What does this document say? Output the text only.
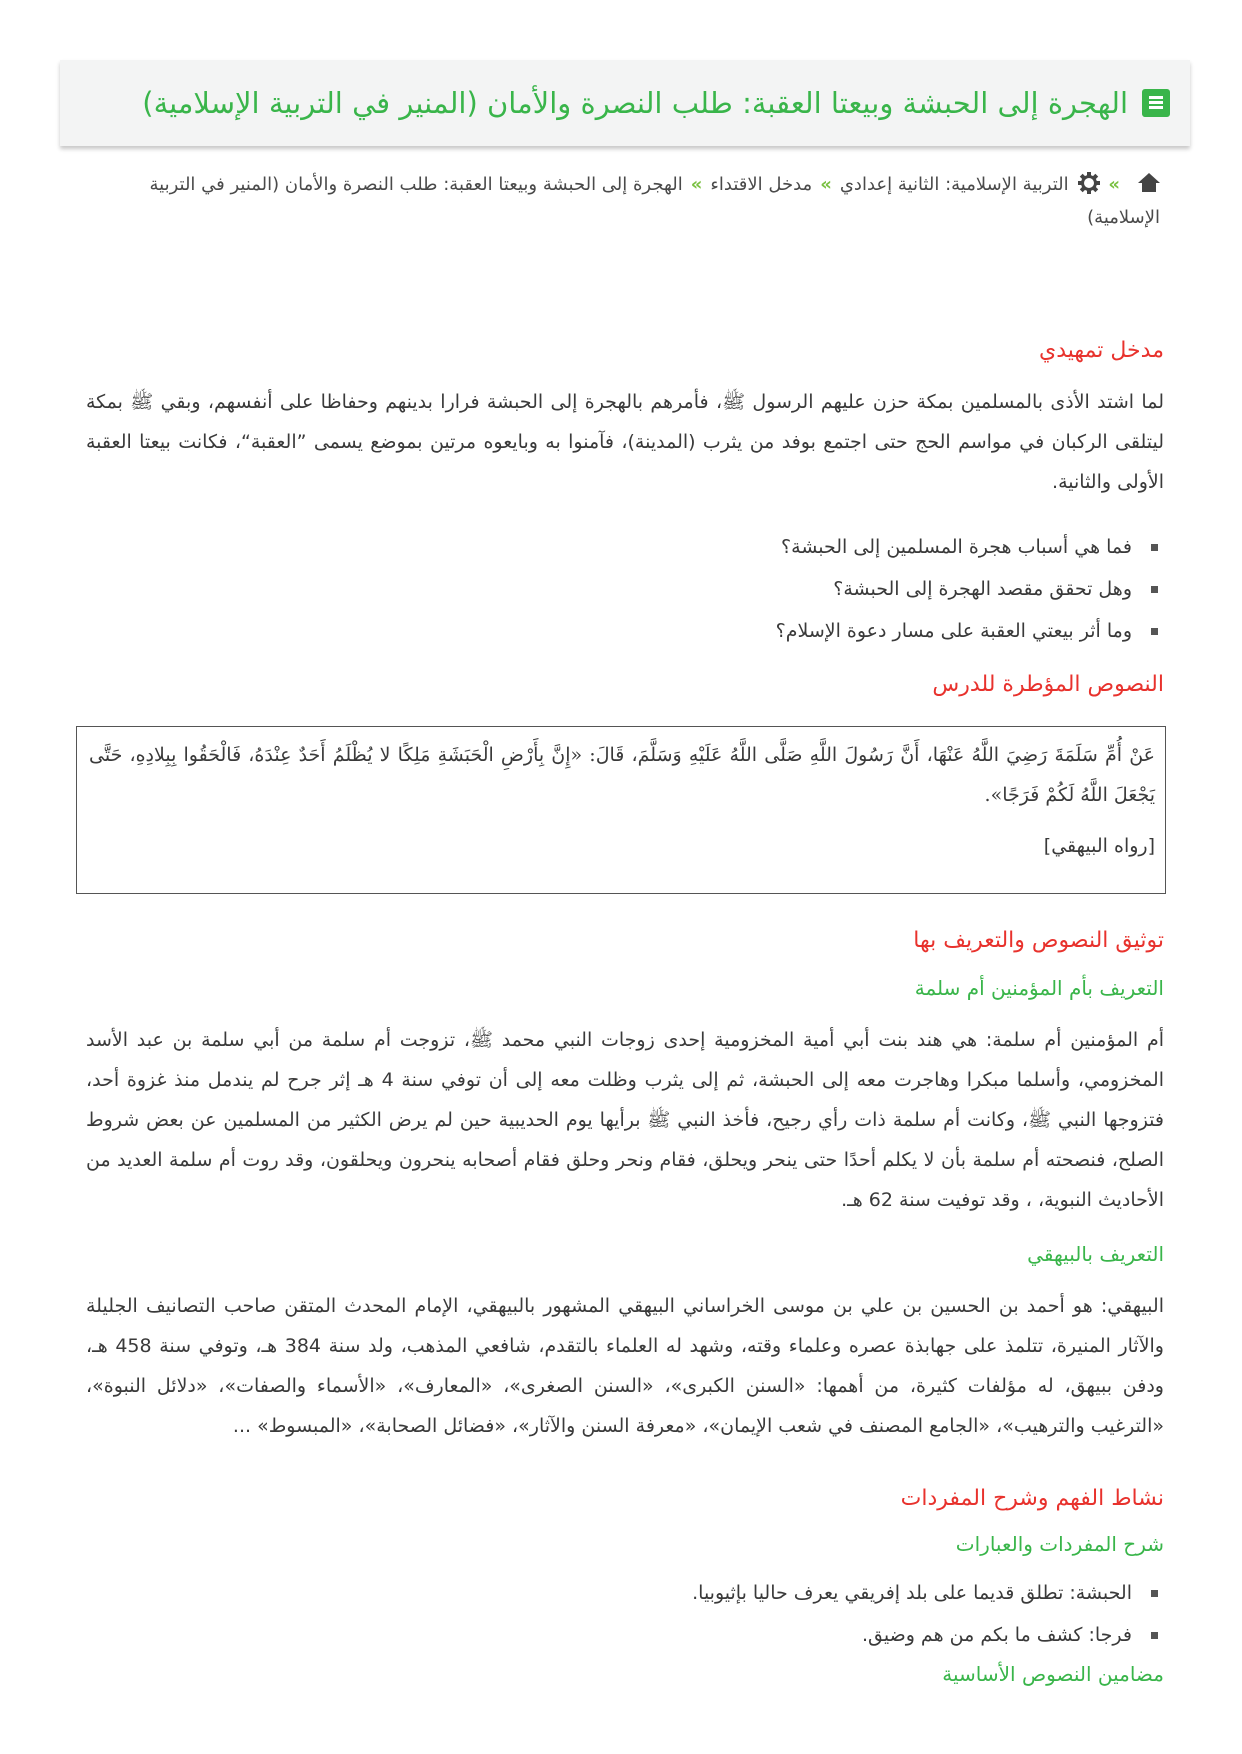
الهجرة إلى الحبشة وبيعتا العقبة: طلب النصرة والأمان (المنير في التربية الإسلامية)
»
التربية الإسلامية: الثانية إعدادي»مدخل الاقتداء»الهجرة إلى الحبشة وبيعتا العقبة: طلب النصرة والأمان (المنير في التربية الإسلامية)
مدخل تمهيدي

لما اشتد الأذى بالمسلمين بمكة حزن عليهم الرسول ﷺ، فأمرهم بالهجرة إلى الحبشة فرارا بدينهم وحفاظا على أنفسهم، وبقي ﷺ بمكة ليتلقى الركبان في مواسم الحج حتى اجتمع بوفد من يثرب (المدينة)، فآمنوا به وبايعوه مرتين بموضع يسمى ”العقبة“، فكانت بيعتا العقبة الأولى والثانية.

فما هي أسباب هجرة المسلمين إلى الحبشة؟
وهل تحقق مقصد الهجرة إلى الحبشة؟
وما أثر بيعتي العقبة على مسار دعوة الإسلام؟
النصوص المؤطرة للدرس
عَنْ أُمِّ سَلَمَةَ رَضِيَ اللَّهُ عَنْهَا، أَنَّ رَسُولَ اللَّهِ صَلَّى اللَّهُ عَلَيْهِ وَسَلَّمَ، قَالَ: «إِنَّ بِأَرْضِ الْحَبَشَةِ مَلِكًا لا يُظْلَمُ أَحَدٌ عِنْدَهُ، فَالْحَقُوا بِبِلادِهِ، حَتَّى يَجْعَلَ اللَّهُ لَكُمْ فَرَجًا».
[رواه البيهقي]
توثيق النصوص والتعريف بها
التعريف بأم المؤمنين أم سلمة

أم المؤمنين أم سلمة: هي هند بنت أبي أمية المخزومية إحدى زوجات النبي محمد ﷺ، تزوجت أم سلمة من أبي سلمة بن عبد الأسد المخزومي، وأسلما مبكرا وهاجرت معه إلى الحبشة، ثم إلى يثرب وظلت معه إلى أن توفي سنة 4 هـ إثر جرح لم يندمل منذ غزوة أحد، فتزوجها النبي ﷺ، وكانت أم سلمة ذات رأي رجيح، فأخذ النبي ﷺ برأيها يوم الحديبية حين لم يرض الكثير من المسلمين عن بعض شروط الصلح، فنصحته أم سلمة بأن لا يكلم أحدًا حتى ينحر ويحلق، فقام ونحر وحلق فقام أصحابه ينحرون ويحلقون، وقد روت أم سلمة العديد من الأحاديث النبوية، ، وقد توفيت سنة 62 هـ.

التعريف بالبيهقي

البيهقي: هو أحمد بن الحسين بن علي بن موسى الخراساني البيهقي المشهور بالبيهقي، الإمام المحدث المتقن صاحب التصانيف الجليلة والآثار المنيرة، تتلمذ على جهابذة عصره وعلماء وقته، وشهد له العلماء بالتقدم، شافعي المذهب، ولد سنة 384 هـ، وتوفي سنة 458 هـ، ودفن ببيهق، له مؤلفات كثيرة، من أهمها: «السنن الكبرى»، «السنن الصغرى»، «المعارف»، «الأسماء والصفات»، «دلائل النبوة»، «الترغيب والترهيب»، «الجامع المصنف في شعب الإيمان»، «معرفة السنن والآثار»، «فضائل الصحابة»، «المبسوط» ...

نشاط الفهم وشرح المفردات
شرح المفردات والعبارات
الحبشة: تطلق قديما على بلد إفريقي يعرف حاليا بإثيوبيا.
فرجا: كشف ما بكم من هم وضيق.
مضامين النصوص الأساسية
